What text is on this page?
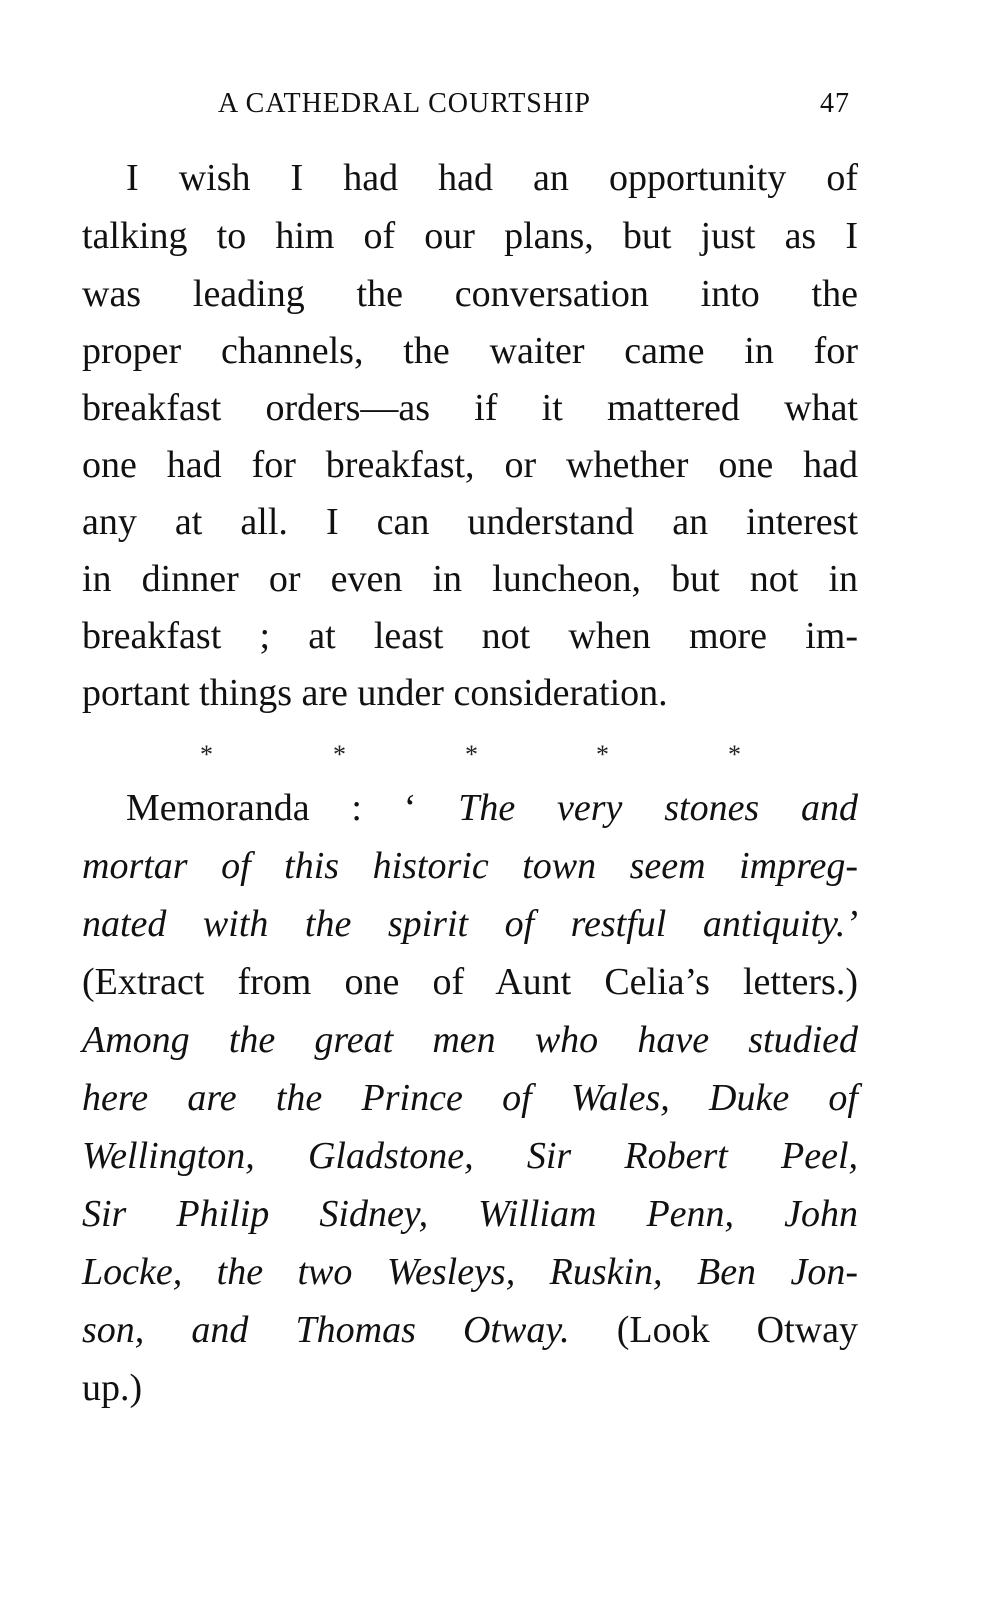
A CATHEDRAL COURTSHIP	47
I wish I had had an opportunity of
talking to him of our plans, but just as I
was leading the conversation into the
proper channels, the waiter came in for
breakfast orders—as if it mattered what
one had for breakfast, or whether one had
any at all. I can understand an interest
in dinner or even in luncheon, but not in
breakfast ; at least not when more im-
portant things are under consideration.
*	*	*	*	*
Memoranda : ‘ The very stones and
mortar of this historic town seem impreg-
nated with the spirit of restful antiquity.’
(Extract from one of Aunt Celia’s letters.)
Among the great men who have studied
here are the Prince of Wales, Duke of
Wellington, Gladstone, Sir Robert Peel,
Sir Philip Sidney, William Penn, John
Locke, the two Wesleys, Ruskin, Ben Jon-
son, and Thomas Otway. (Look Otway
up.)
